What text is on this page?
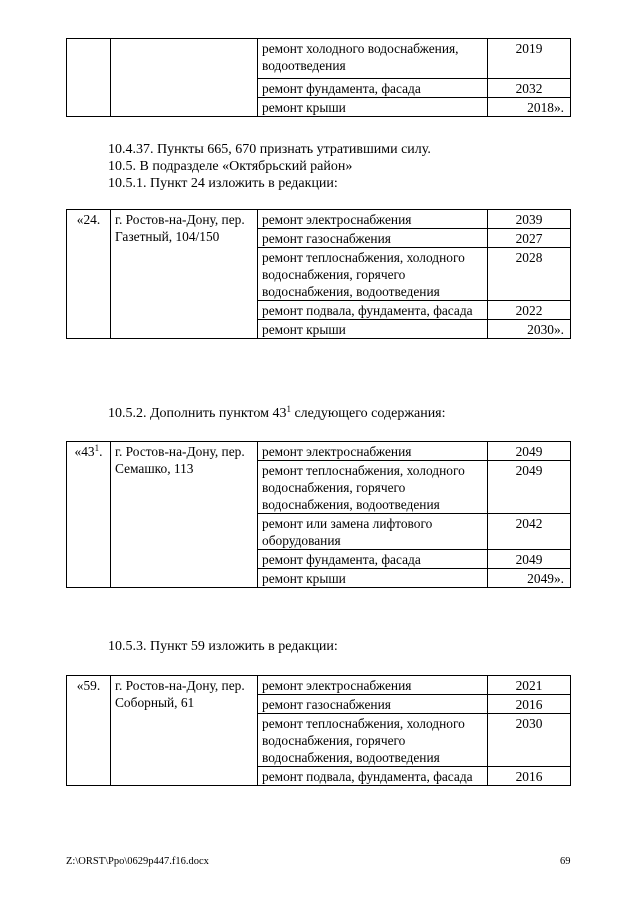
		ремонт холодного водоснабжения, водоотведения	2019
		ремонт фундамента, фасада	2032
		ремонт крыши	2018».

10.4.37. Пункты 665, 670 признать утратившими силу.

10.5. В подразделе «Октябрьский район»

10.5.1. Пункт 24 изложить в редакции:

«24.	г. Ростов-на-Дону, пер. Газетный, 104/150	ремонт электроснабжения	2039
		ремонт газоснабжения	2027
		ремонт теплоснабжения, холодного водоснабжения, горячего водоснабжения, водоотведения	2028
		ремонт подвала, фундамента, фасада	2022
		ремонт крыши	2030».

10.5.2. Дополнить пунктом $43^1$ следующего содержания:

«$43^1$.	г. Ростов-на-Дону, пер. Семашко, 113	ремонт электроснабжения	2049
		ремонт теплоснабжения, холодного водоснабжения, горячего водоснабжения, водоотведения	2049
		ремонт или замена лифтового оборудования	2042
		ремонт фундамента, фасада	2049
		ремонт крыши	2049».

10.5.3. Пункт 59 изложить в редакции:

«59.	г. Ростов-на-Дону, пер. Соборный, 61	ремонт электроснабжения	2021
		ремонт газоснабжения	2016
		ремонт теплоснабжения, холодного водоснабжения, горячего водоснабжения, водоотведения	2030
		ремонт подвала, фундамента, фасада	2016
Z:\ORST\Ppo\0629p447.f16.docx	69
